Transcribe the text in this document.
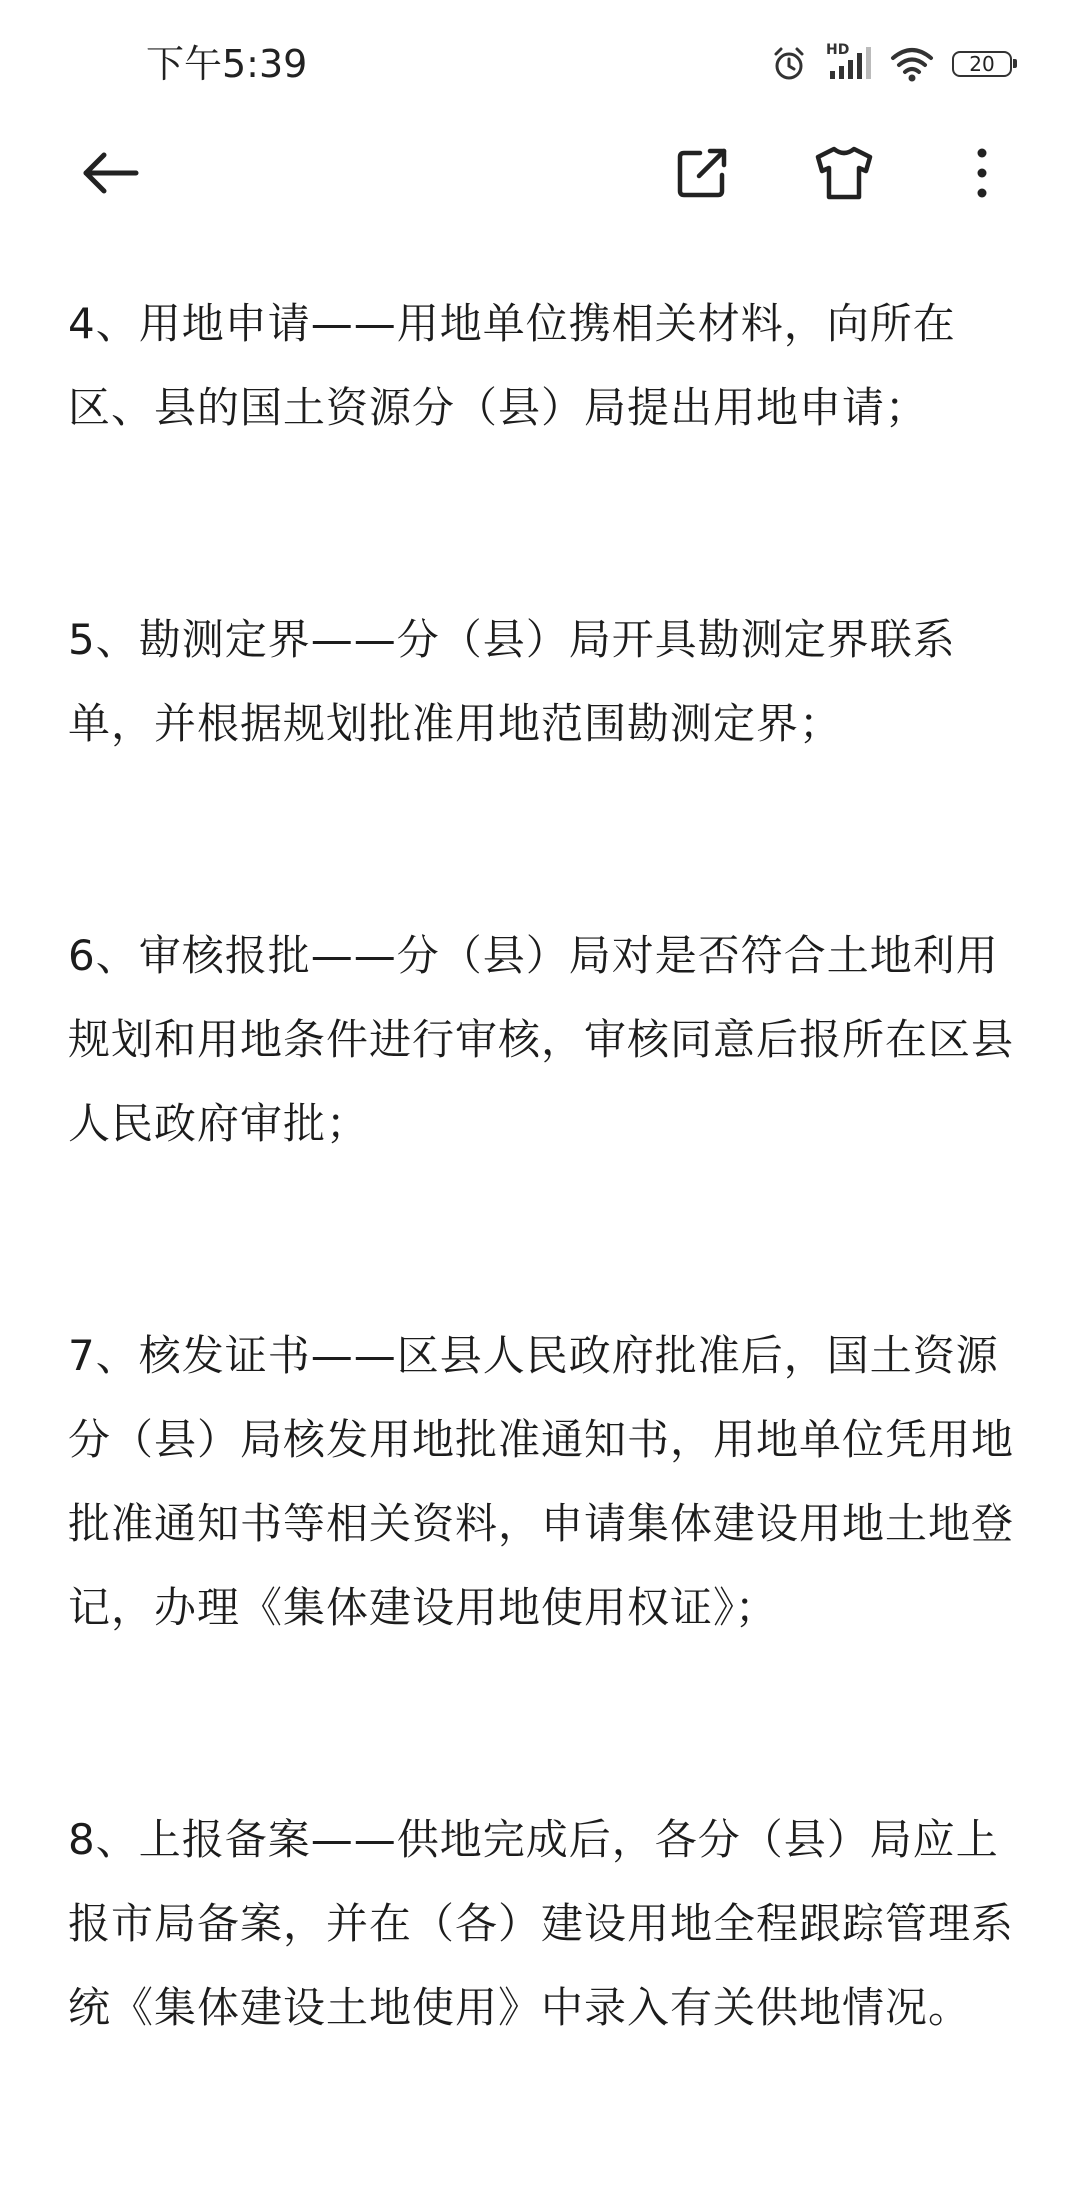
下午5:39	HD
20

4、用地申请——用地单位携相关材料，向所在区、县的国土资源分（县）局提出用地申请；

5、勘测定界——分（县）局开具勘测定界联系单，并根据规划批准用地范围勘测定界；

6、审核报批——分（县）局对是否符合土地利用规划和用地条件进行审核，审核同意后报所在区县人民政府审批；

7、核发证书——区县人民政府批准后，国土资源分（县）局核发用地批准通知书，用地单位凭用地批准通知书等相关资料，申请集体建设用地土地登记，办理《集体建设用地使用权证》；

8、上报备案——供地完成后，各分（县）局应上报市局备案，并在（各）建设用地全程跟踪管理系统《集体建设土地使用》中录入有关供地情况。
